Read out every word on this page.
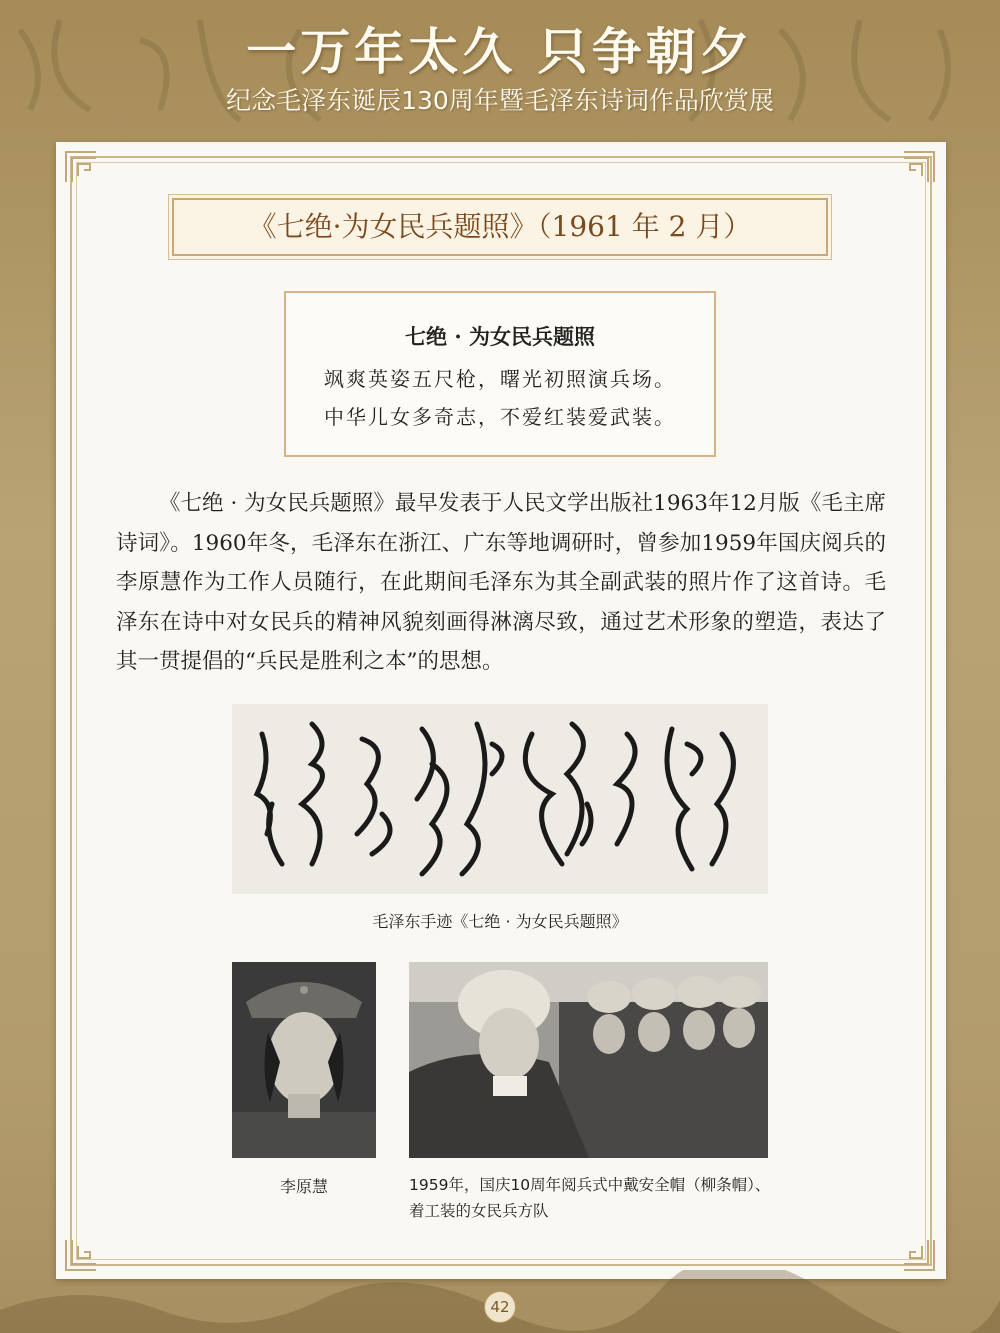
一万年太久 只争朝夕
纪念毛泽东诞辰130周年暨毛泽东诗词作品欣赏展
《七绝·为女民兵题照》（1961 年 2 月）
七绝 · 为女民兵题照
飒爽英姿五尺枪，曙光初照演兵场。
中华儿女多奇志，不爱红装爱武装。
《七绝 · 为女民兵题照》最早发表于人民文学出版社1963年12月版《毛主席诗词》。1960年冬，毛泽东在浙江、广东等地调研时，曾参加1959年国庆阅兵的李原慧作为工作人员随行，在此期间毛泽东为其全副武装的照片作了这首诗。毛泽东在诗中对女民兵的精神风貌刻画得淋漓尽致，通过艺术形象的塑造，表达了其一贯提倡的“兵民是胜利之本”的思想。
毛泽东手迹《七绝 · 为女民兵题照》
李原慧	1959年，国庆10周年阅兵式中戴安全帽（柳条帽）、着工装的女民兵方队
42
